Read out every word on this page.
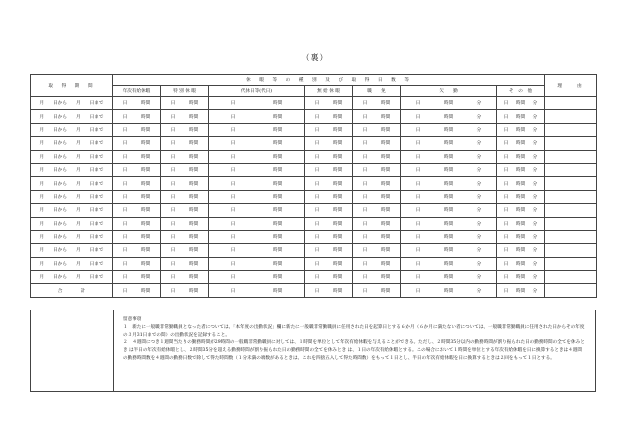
（裏）
取　得　期　間	休　暇　等　の　種　別　及　び　取　得　日　数　等							理　　由
	年次有給休暇	特 別 休 暇	代休日等(代日)	無 給 休 暇	職　　免	欠　　勤	そ　の　他	

月 日から 月 日まで	日 時間	日 時間	日 時間	日 時間	日 時間	日 時間 分	日 時間 分	

月 日から 月 日まで	日 時間	日 時間	日 時間	日 時間	日 時間	日 時間 分	日 時間 分	

月 日から 月 日まで	日 時間	日 時間	日 時間	日 時間	日 時間	日 時間 分	日 時間 分	

月 日から 月 日まで	日 時間	日 時間	日 時間	日 時間	日 時間	日 時間 分	日 時間 分	

月 日から 月 日まで	日 時間	日 時間	日 時間	日 時間	日 時間	日 時間 分	日 時間 分	

月 日から 月 日まで	日 時間	日 時間	日 時間	日 時間	日 時間	日 時間 分	日 時間 分	

月 日から 月 日まで	日 時間	日 時間	日 時間	日 時間	日 時間	日 時間 分	日 時間 分	

月 日から 月 日まで	日 時間	日 時間	日 時間	日 時間	日 時間	日 時間 分	日 時間 分	

月 日から 月 日まで	日 時間	日 時間	日 時間	日 時間	日 時間	日 時間 分	日 時間 分	

月 日から 月 日まで	日 時間	日 時間	日 時間	日 時間	日 時間	日 時間 分	日 時間 分	

月 日から 月 日まで	日 時間	日 時間	日 時間	日 時間	日 時間	日 時間 分	日 時間 分	

月 日から 月 日まで	日 時間	日 時間	日 時間	日 時間	日 時間	日 時間 分	日 時間 分	

月 日から 月 日まで	日 時間	日 時間	日 時間	日 時間	日 時間	日 時間 分	日 時間 分	

月 日から 月 日まで	日 時間	日 時間	日 時間	日 時間	日 時間	日 時間 分	日 時間 分	

合　　　　計	日 時間	日 時間	日 時間	日 時間	日 時間	日 時間 分	日 時間 分	

留意事項

１　新たに一般職非常勤職員となった者については、「本年度の出勤状況」欄に新たに一般職非常勤職員に任用された日を起算日とする６か月（６か月に満たない者については、一般職非常勤職員に任用された日からその年度の３月31日までの間）の出勤状況を記録すること。

２　４週間につき１週間当たりの勤務時間が29時間の一般職非常勤職員に対しては、１時間を単位として年次有給休暇を与えることができる。ただし、２時間35分以内の勤務時間が割り振られた日の勤務時間の全てを休みとき は半日の年次有給休暇とし、２時間35分を超える勤務時間が割り振られた日の勤務時間の全てを休みとき は、１日の年次有給休暇とする。この場合において１時間を単位とする年次有給休暇を日に換算するときは４週間の勤務時間数を４週間の勤務日数で除して得た時間数（１分未満の端数があるときは、これを四捨五入して得た時間数）をもって１日とし、半日の年次有給休暇を日に換算するときは２回をもって１日とする。
